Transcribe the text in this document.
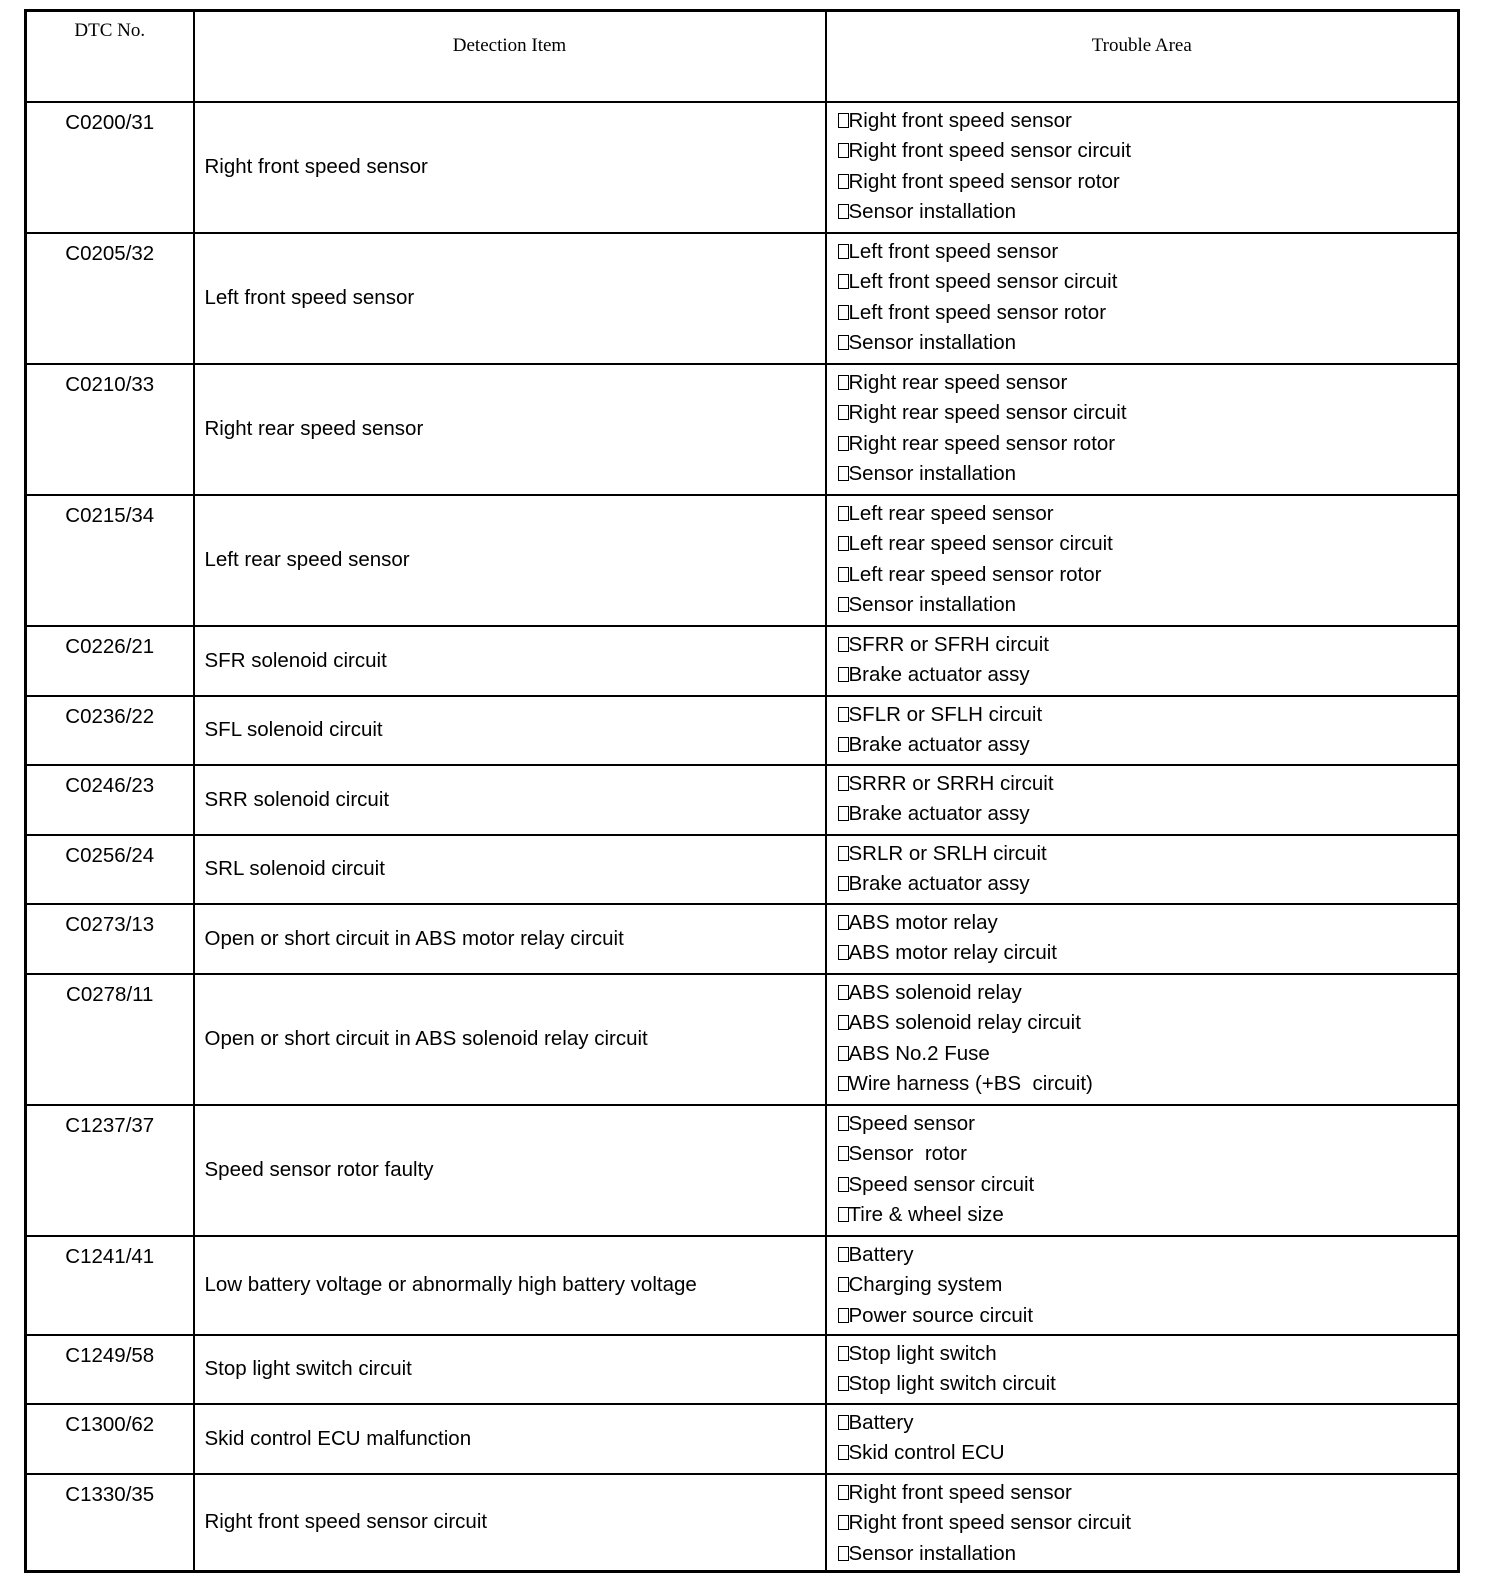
DTC No.	Detection Item	Trouble Area
C0200/31	Right front speed sensor	Right front speed sensor
Right front speed sensor circuit
Right front speed sensor rotor
Sensor installation

C0205/32	Left front speed sensor	Left front speed sensor
Left front speed sensor circuit
Left front speed sensor rotor
Sensor installation

C0210/33	Right rear speed sensor	Right rear speed sensor
Right rear speed sensor circuit
Right rear speed sensor rotor
Sensor installation

C0215/34	Left rear speed sensor	Left rear speed sensor
Left rear speed sensor circuit
Left rear speed sensor rotor
Sensor installation

C0226/21	SFR solenoid circuit	SFRR or SFRH circuit
Brake actuator assy

C0236/22	SFL solenoid circuit	SFLR or SFLH circuit
Brake actuator assy

C0246/23	SRR solenoid circuit	SRRR or SRRH circuit
Brake actuator assy

C0256/24	SRL solenoid circuit	SRLR or SRLH circuit
Brake actuator assy

C0273/13	Open or short circuit in ABS motor relay circuit	ABS motor relay
ABS motor relay circuit

C0278/11	Open or short circuit in ABS solenoid relay circuit	ABS solenoid relay
ABS solenoid relay circuit
ABS No.2 Fuse
Wire harness (+BS  circuit)

C1237/37	Speed sensor rotor faulty	Speed sensor
Sensor  rotor
Speed sensor circuit
Tire & wheel size

C1241/41	Low battery voltage or abnormally high battery voltage	Battery
Charging system
Power source circuit

C1249/58	Stop light switch circuit	Stop light switch
Stop light switch circuit

C1300/62	Skid control ECU malfunction	Battery
Skid control ECU

C1330/35	Right front speed sensor circuit	Right front speed sensor
Right front speed sensor circuit
Sensor installation
